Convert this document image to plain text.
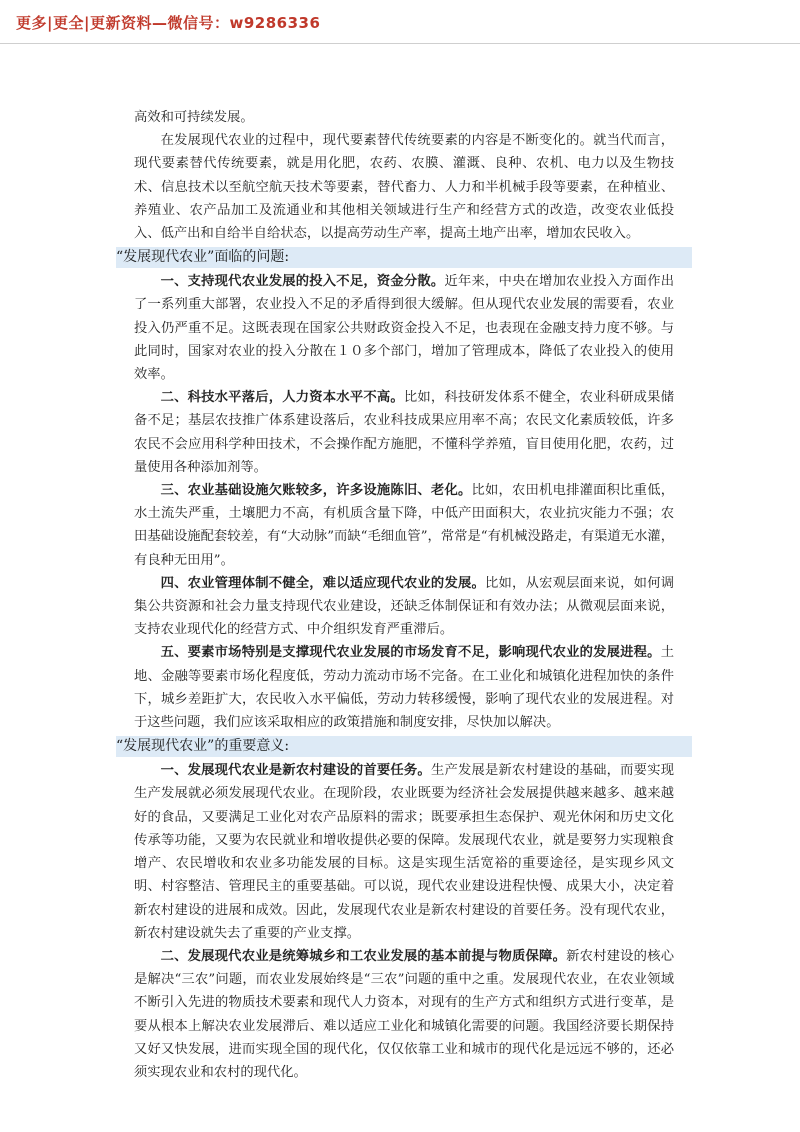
更多|更全|更新资料—微信号：w9286336

高效和可持续发展。

在发展现代农业的过程中，现代要素替代传统要素的内容是不断变化的。就当代而言，现代要素替代传统要素，就是用化肥，农药、农膜、灌溉、良种、农机、电力以及生物技术、信息技术以至航空航天技术等要素，替代畜力、人力和半机械手段等要素，在种植业、养殖业、农产品加工及流通业和其他相关领域进行生产和经营方式的改造，改变农业低投入、低产出和自给半自给状态，以提高劳动生产率，提高土地产出率，增加农民收入。

“发展现代农业”面临的问题:

一、支持现代农业发展的投入不足，资金分散。近年来，中央在增加农业投入方面作出了一系列重大部署，农业投入不足的矛盾得到很大缓解。但从现代农业发展的需要看，农业投入仍严重不足。这既表现在国家公共财政资金投入不足，也表现在金融支持力度不够。与此同时，国家对农业的投入分散在１０多个部门，增加了管理成本，降低了农业投入的使用效率。

二、科技水平落后，人力资本水平不高。比如，科技研发体系不健全，农业科研成果储备不足；基层农技推广体系建设落后，农业科技成果应用率不高；农民文化素质较低，许多农民不会应用科学种田技术，不会操作配方施肥，不懂科学养殖，盲目使用化肥，农药，过量使用各种添加剂等。

三、农业基础设施欠账较多，许多设施陈旧、老化。比如，农田机电排灌面积比重低，水土流失严重，土壤肥力不高，有机质含量下降，中低产田面积大，农业抗灾能力不强；农田基础设施配套较差，有“大动脉”而缺“毛细血管”，常常是“有机械没路走，有渠道无水灌，有良种无田用”。

四、农业管理体制不健全，难以适应现代农业的发展。比如，从宏观层面来说，如何调集公共资源和社会力量支持现代农业建设，还缺乏体制保证和有效办法；从微观层面来说，支持农业现代化的经营方式、中介组织发育严重滞后。

五、要素市场特别是支撑现代农业发展的市场发育不足，影响现代农业的发展进程。土地、金融等要素市场化程度低，劳动力流动市场不完备。在工业化和城镇化进程加快的条件下，城乡差距扩大，农民收入水平偏低，劳动力转移缓慢，影响了现代农业的发展进程。对于这些问题，我们应该采取相应的政策措施和制度安排，尽快加以解决。

“发展现代农业”的重要意义:

一、发展现代农业是新农村建设的首要任务。生产发展是新农村建设的基础，而要实现生产发展就必须发展现代农业。在现阶段，农业既要为经济社会发展提供越来越多、越来越好的食品，又要满足工业化对农产品原料的需求；既要承担生态保护、观光休闲和历史文化传承等功能，又要为农民就业和增收提供必要的保障。发展现代农业，就是要努力实现粮食增产、农民增收和农业多功能发展的目标。这是实现生活宽裕的重要途径，是实现乡风文明、村容整洁、管理民主的重要基础。可以说，现代农业建设进程快慢、成果大小，决定着新农村建设的进展和成效。因此，发展现代农业是新农村建设的首要任务。没有现代农业，新农村建设就失去了重要的产业支撑。

二、发展现代农业是统筹城乡和工农业发展的基本前提与物质保障。新农村建设的核心是解决“三农”问题，而农业发展始终是“三农”问题的重中之重。发展现代农业，在农业领域不断引入先进的物质技术要素和现代人力资本，对现有的生产方式和组织方式进行变革，是要从根本上解决农业发展滞后、难以适应工业化和城镇化需要的问题。我国经济要长期保持又好又快发展，进而实现全国的现代化，仅仅依靠工业和城市的现代化是远远不够的，还必须实现农业和农村的现代化。
